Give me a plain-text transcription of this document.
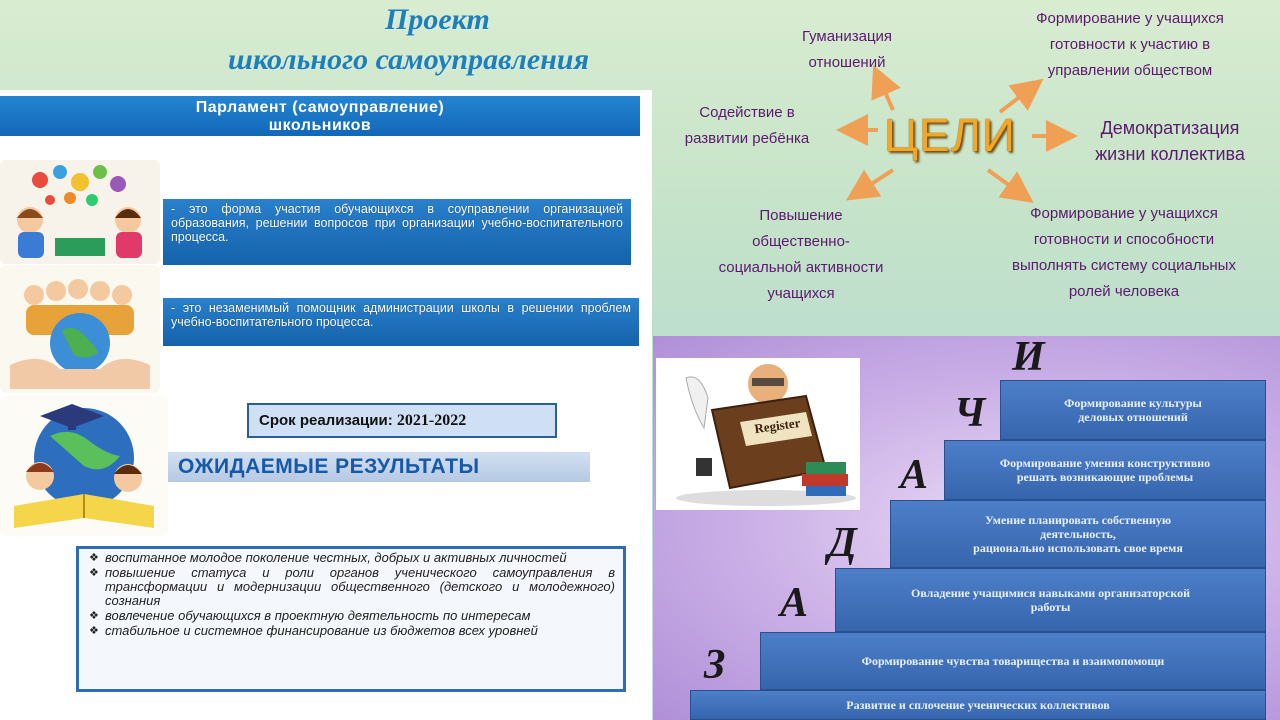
Проект
школьного самоуправления
Парламент (самоуправление)
школьников
- это форма участия обучающихся в соуправлении организацией образования, решении вопросов при организации учебно-воспитательного процесса.
- это незаменимый помощник администрации школы в решении проблем учебно-воспитательного процесса.
Срок реализации: 2021-2022
ОЖИДАЕМЫЕ РЕЗУЛЬТАТЫ
❖ воспитанное молодое поколение честных, добрых и активных личностей
❖ повышение статуса и роли органов ученического самоуправления в трансформации и модернизации общественного (детского и молодежного) сознания
❖ вовлечение обучающихся в проектную деятельность по интересам
❖ стабильное и системное финансирование из бюджетов всех уровней
ЦЕЛИ
Гуманизация
отношений
Формирование у учащихся
готовности к участию в
управлении обществом
Содействие в
развитии ребёнка
Демократизация
жизни коллектива
Повышение
общественно-
социальной активности
учащихся
Формирование у учащихся
готовности и способности
выполнять систему социальных
ролей человека
Register
Развитие и сплочение ученических коллективов
Формирование чувства товарищества и взаимопомощи
Овладение учащимися навыками организаторской
работы
Умение планировать собственную
деятельность,
рационально использовать свое время
Формирование умения конструктивно
решать возникающие проблемы
Формирование культуры
деловых отношений
И
Ч
А
Д
А
З
